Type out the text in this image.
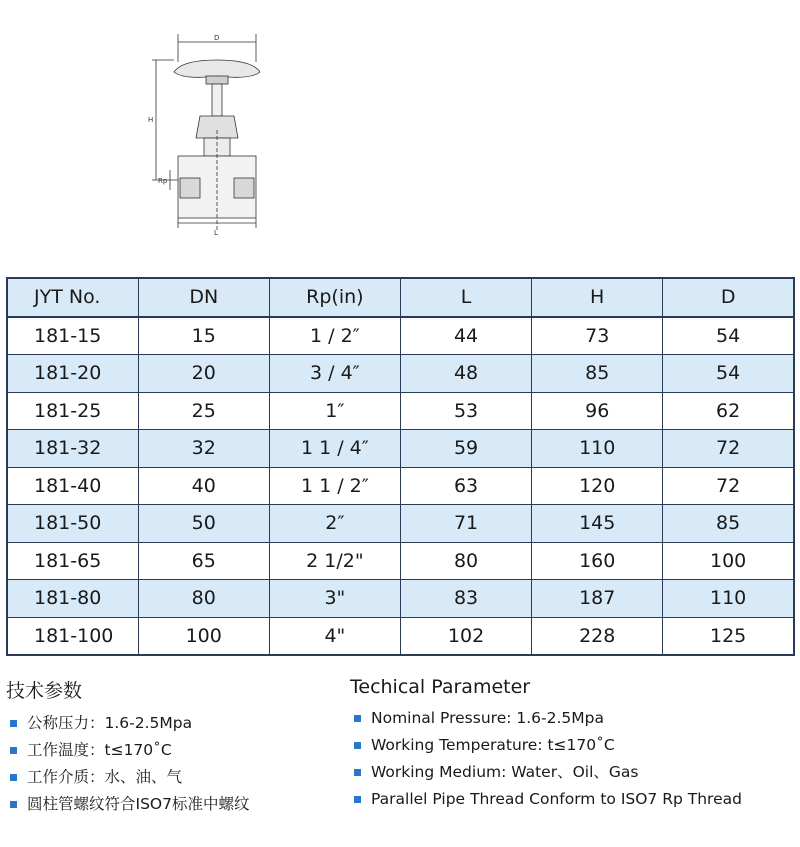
D
H
Rp
L
JYT No.	DN	Rp(in)	L	H	D
181-15	15	1 / 2″	44	73	54
181-20	20	3 / 4″	48	85	54
181-25	25	1″	53	96	62
181-32	32	1 1 / 4″	59	110	72
181-40	40	1 1 / 2″	63	120	72
181-50	50	2″	71	145	85
181-65	65	2 1/2"	80	160	100
181-80	80	3"	83	187	110
181-100	100	4"	102	228	125
技术参数
公称压力：1.6-2.5Mpa
工作温度：t≤170˚C
工作介质：水、油、气
圆柱管螺纹符合ISO7标准中螺纹
Techical Parameter
Nominal Pressure: 1.6-2.5Mpa
Working Temperature: t≤170˚C
Working Medium: Water、Oil、Gas
Parallel Pipe Thread Conform to ISO7 Rp Thread
